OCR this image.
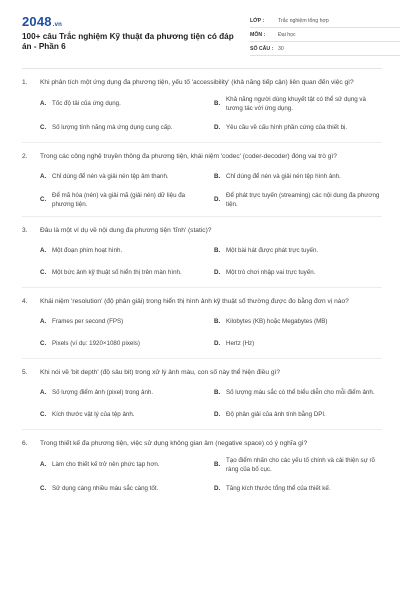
2048.vn
100+ câu Trắc nghiệm Kỹ thuật đa phương tiện có đáp án - Phần 6
LỚP :	Trắc nghiệm tổng hợp
MÔN :	Đại học
SỐ CÂU : 30
1.	Khi phân tích một ứng dụng đa phương tiện, yếu tố 'accessibility' (khả năng tiếp cận) liên quan đến việc gì?
A. Tốc độ tải của ứng dụng.	B.
Khả năng người dùng khuyết tật có thể sử dụng và tương tác với ứng dụng.
C. Số lượng tính năng mà ứng dụng cung cấp.	D. Yêu cầu về cấu hình phần cứng của thiết bị.
2.	Trong các công nghệ truyền thông đa phương tiện, khái niệm 'codec' (coder-decoder) đóng vai trò gì?
A. Chỉ dùng để nén và giải nén tệp âm thanh.	B. Chỉ dùng để nén và giải nén tệp hình ảnh.
C.
Để mã hóa (nén) và giải mã (giải nén) dữ liệu đa phương tiện.
D.
Để phát trực tuyến (streaming) các nội dung đa phương tiện.
3.	Đâu là một ví dụ về nội dung đa phương tiện 'tĩnh' (static)?
A. Một đoạn phim hoạt hình.	B. Một bài hát được phát trực tuyến.
C. Một bức ảnh kỹ thuật số hiển thị trên màn hình.	D. Một trò chơi nhập vai trực tuyến.
4.	Khái niệm 'resolution' (độ phân giải) trong hiển thị hình ảnh kỹ thuật số thường được đo bằng đơn vị nào?
A. Frames per second (FPS)	B. Kilobytes (KB) hoặc Megabytes (MB)
C. Pixels (ví dụ: 1920×1080 pixels)	D. Hertz (Hz)
5.	Khi nói về 'bit depth' (độ sâu bit) trong xử lý ảnh màu, con số này thể hiện điều gì?
A. Số lượng điểm ảnh (pixel) trong ảnh.	B. Số lượng màu sắc có thể biểu diễn cho mỗi điểm ảnh.
C. Kích thước vật lý của tệp ảnh.	D. Độ phân giải của ảnh tính bằng DPI.
6.	Trong thiết kế đa phương tiện, việc sử dụng không gian âm (negative space) có ý nghĩa gì?
A. Làm cho thiết kế trở nên phức tạp hơn.	B.
Tạo điểm nhấn cho các yếu tố chính và cải thiện sự rõ ràng của bố cục.
C. Sử dụng càng nhiều màu sắc càng tốt.	D. Tăng kích thước tổng thể của thiết kế.
